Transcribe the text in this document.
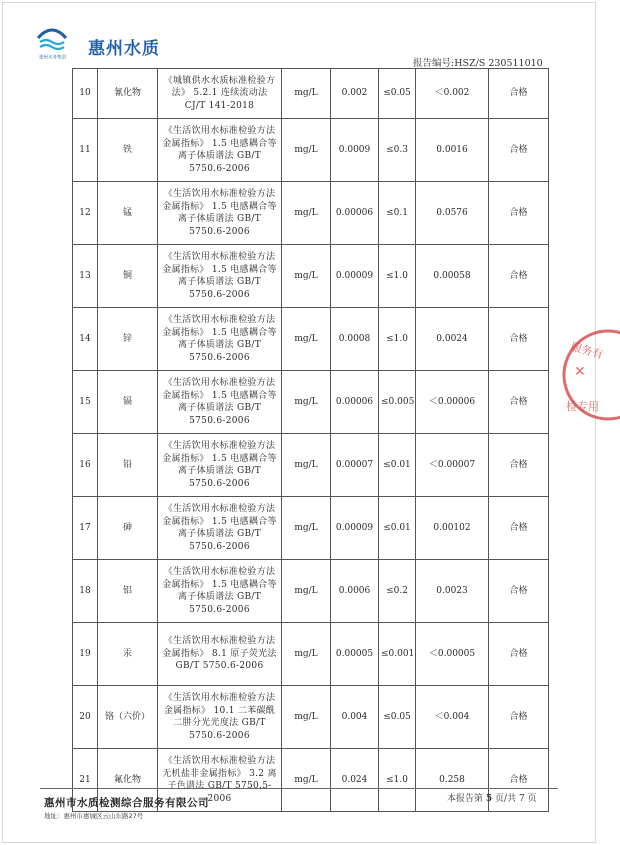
惠州水务集团	惠州水质
报告编号:HSZ/S 230511010
10	氰化物	《城镇供水水质标准检验方法》 5.2.1 连续流动法 CJ/T 141-2018	mg/L	0.002	≤0.05	＜0.002	合格
11	铁	《生活饮用水标准检验方法 金属指标》 1.5 电感耦合等离子体质谱法 GB/T 5750.6-2006	mg/L	0.0009	≤0.3	0.0016	合格
12	锰	《生活饮用水标准检验方法 金属指标》 1.5 电感耦合等离子体质谱法 GB/T 5750.6-2006	mg/L	0.00006	≤0.1	0.0576	合格
13	铜	《生活饮用水标准检验方法 金属指标》 1.5 电感耦合等离子体质谱法 GB/T 5750.6-2006	mg/L	0.00009	≤1.0	0.00058	合格
14	锌	《生活饮用水标准检验方法 金属指标》 1.5 电感耦合等离子体质谱法 GB/T 5750.6-2006	mg/L	0.0008	≤1.0	0.0024	合格
15	镉	《生活饮用水标准检验方法 金属指标》 1.5 电感耦合等离子体质谱法 GB/T 5750.6-2006	mg/L	0.00006	≤0.005	＜0.00006	合格
16	铅	《生活饮用水标准检验方法 金属指标》 1.5 电感耦合等离子体质谱法 GB/T 5750.6-2006	mg/L	0.00007	≤0.01	＜0.00007	合格
17	砷	《生活饮用水标准检验方法 金属指标》 1.5 电感耦合等离子体质谱法 GB/T 5750.6-2006	mg/L	0.00009	≤0.01	0.00102	合格
18	铝	《生活饮用水标准检验方法 金属指标》 1.5 电感耦合等离子体质谱法 GB/T 5750.6-2006	mg/L	0.0006	≤0.2	0.0023	合格
19	汞	《生活饮用水标准检验方法 金属指标》 8.1 原子荧光法 GB/T 5750.6-2006	mg/L	0.00005	≤0.001	＜0.00005	合格
20	铬（六价）	《生活饮用水标准检验方法 金属指标》 10.1 二苯碳酰二肼分光光度法 GB/T 5750.6-2006	mg/L	0.004	≤0.05	＜0.004	合格
21	氟化物	《生活饮用水标准检验方法 无机盐非金属指标》 3.2 离子色谱法 GB/T 5750.5-2006	mg/L	0.024	≤1.0	0.258	合格
服务有
✕
检专用
惠州市水质检测综合服务有限公司
地址：惠州市惠城区云山东路27号
本报告第 5 页/共 7 页
